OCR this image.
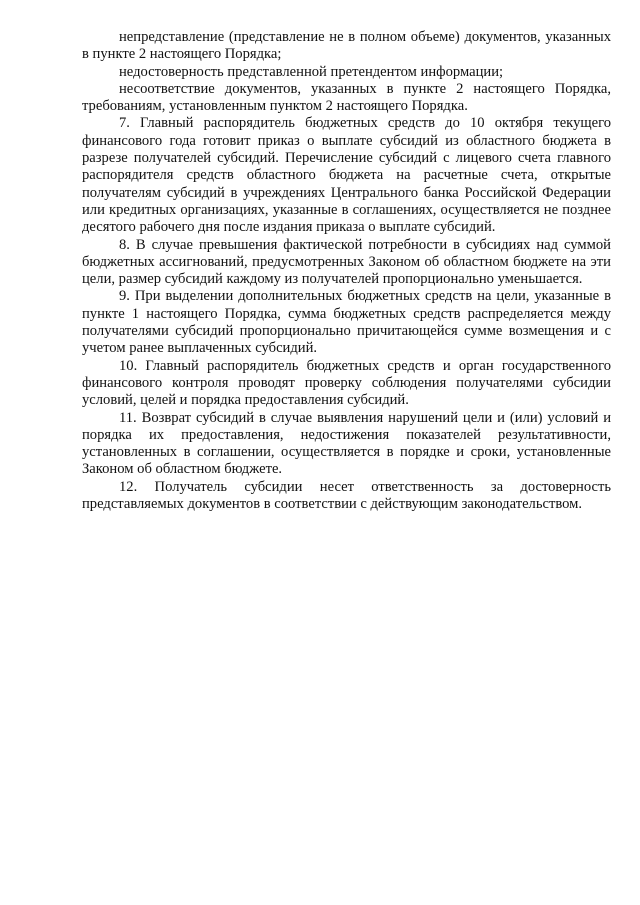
непредставление (представление не в полном объеме) документов, указанных в пункте 2 настоящего Порядка;

недостоверность представленной претендентом информации;

несоответствие документов, указанных в пункте 2 настоящего Порядка, требованиям, установленным пунктом 2 настоящего Порядка.

7. Главный распорядитель бюджетных средств до 10 октября текущего финансового года готовит приказ о выплате субсидий из областного бюджета в разрезе получателей субсидий. Перечисление субсидий с лицевого счета главного распорядителя средств областного бюджета на расчетные счета, открытые получателям субсидий в учреждениях Центрального банка Российской Федерации или кредитных организациях, указанные в соглашениях, осуществляется не позднее десятого рабочего дня после издания приказа о выплате субсидий.

8. В случае превышения фактической потребности в субсидиях над суммой бюджетных ассигнований, предусмотренных Законом об областном бюджете на эти цели, размер субсидий каждому из получателей пропорционально уменьшается.

9. При выделении дополнительных бюджетных средств на цели, указанные в пункте 1 настоящего Порядка, сумма бюджетных средств распределяется между получателями субсидий пропорционально причитающейся сумме возмещения и с учетом ранее выплаченных субсидий.

10. Главный распорядитель бюджетных средств и орган государственного финансового контроля проводят проверку соблюдения получателями субсидии условий, целей и порядка предоставления субсидий.

11. Возврат субсидий в случае выявления нарушений цели и (или) условий и порядка их предоставления, недостижения показателей результативности, установленных в соглашении, осуществляется в порядке и сроки, установленные Законом об областном бюджете.

12. Получатель субсидии несет ответственность за достоверность представляемых документов в соответствии с действующим законодательством.
